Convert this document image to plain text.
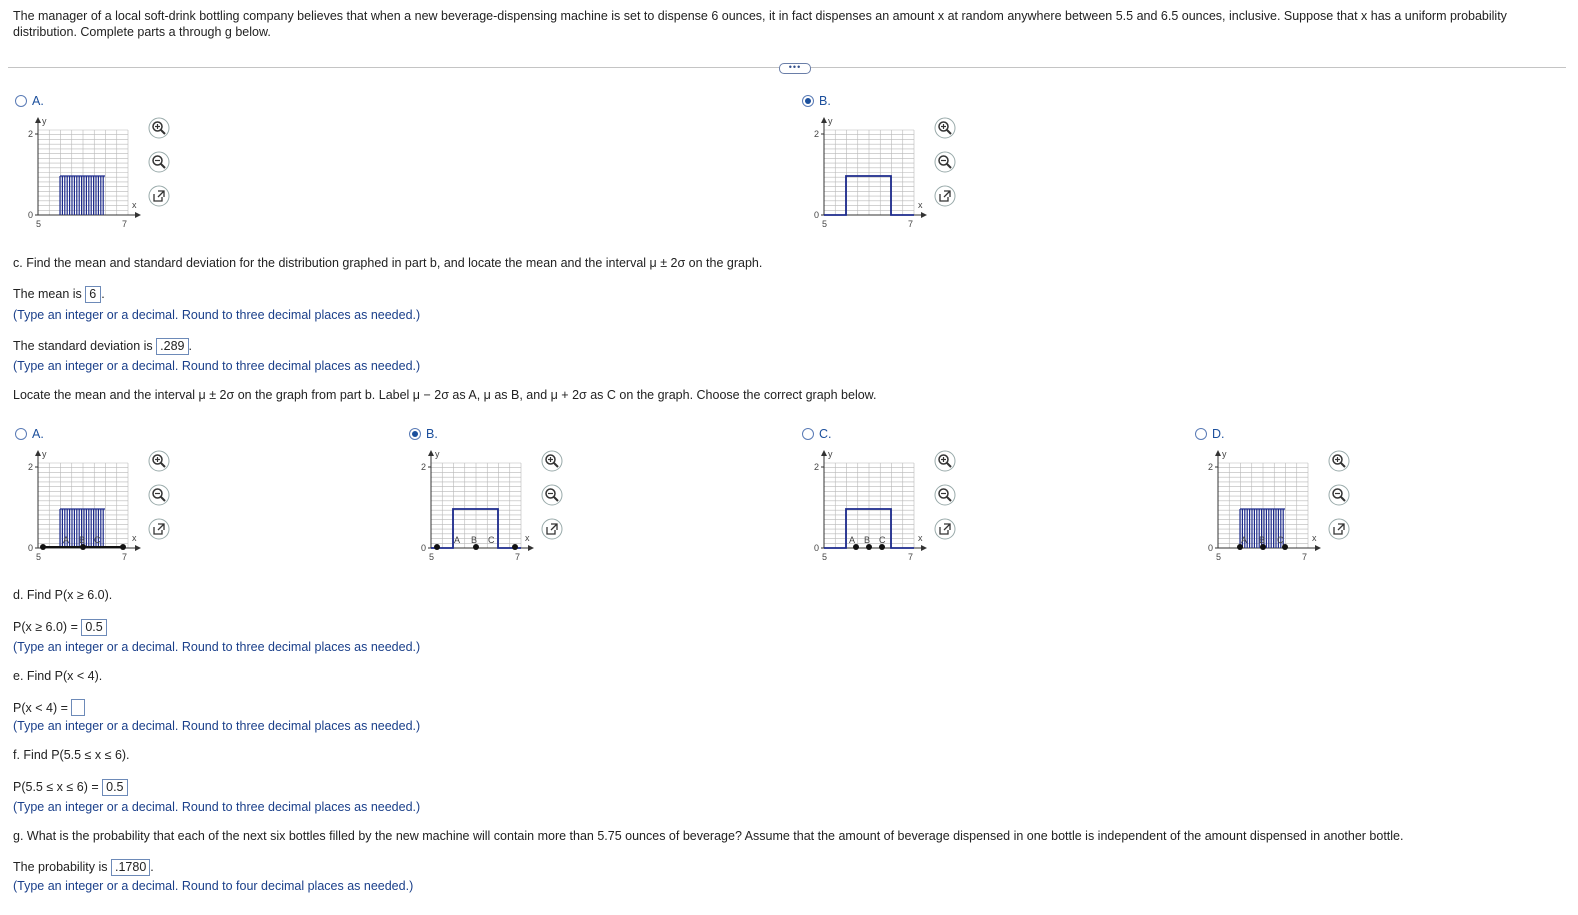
The manager of a local soft-drink bottling company believes that when a new beverage-dispensing machine is set to dispense 6 ounces, it in fact dispenses an amount x at random anywhere between 5.5 and 6.5 ounces, inclusive. Suppose that x has a uniform probability distribution. Complete parts a through g below.
•••
A.
2
0
y
5	7
x
B.
2
0
y
5	7
x
c. Find the mean and standard deviation for the distribution graphed in part b, and locate the mean and the interval μ ± 2σ on the graph.
The mean is 6 .
(Type an integer or a decimal. Round to three decimal places as needed.)
The standard deviation is .289 .
(Type an integer or a decimal. Round to three decimal places as needed.)
Locate the mean and the interval μ ± 2σ on the graph from part b. Label μ − 2σ as A, μ as B, and μ + 2σ as C on the graph. Choose the correct graph below.
A.
2
0
y
5	7
x
A B C
B.
2
0
y
5	7
x
A B C
C.
2
0
y
5	7
x
A B C
D.
2
0
y
5	7
x
A B C
d. Find P(x ≥ 6.0).
P(x ≥ 6.0) = 0.5
(Type an integer or a decimal. Round to three decimal places as needed.)
e. Find P(x < 4).
P(x < 4) =
(Type an integer or a decimal. Round to three decimal places as needed.)
f. Find P(5.5 ≤ x ≤ 6).
P(5.5 ≤ x ≤ 6) = 0.5
(Type an integer or a decimal. Round to three decimal places as needed.)
g. What is the probability that each of the next six bottles filled by the new machine will contain more than 5.75 ounces of beverage? Assume that the amount of beverage dispensed in one bottle is independent of the amount dispensed in another bottle.
The probability is .1780 .
(Type an integer or a decimal. Round to four decimal places as needed.)
